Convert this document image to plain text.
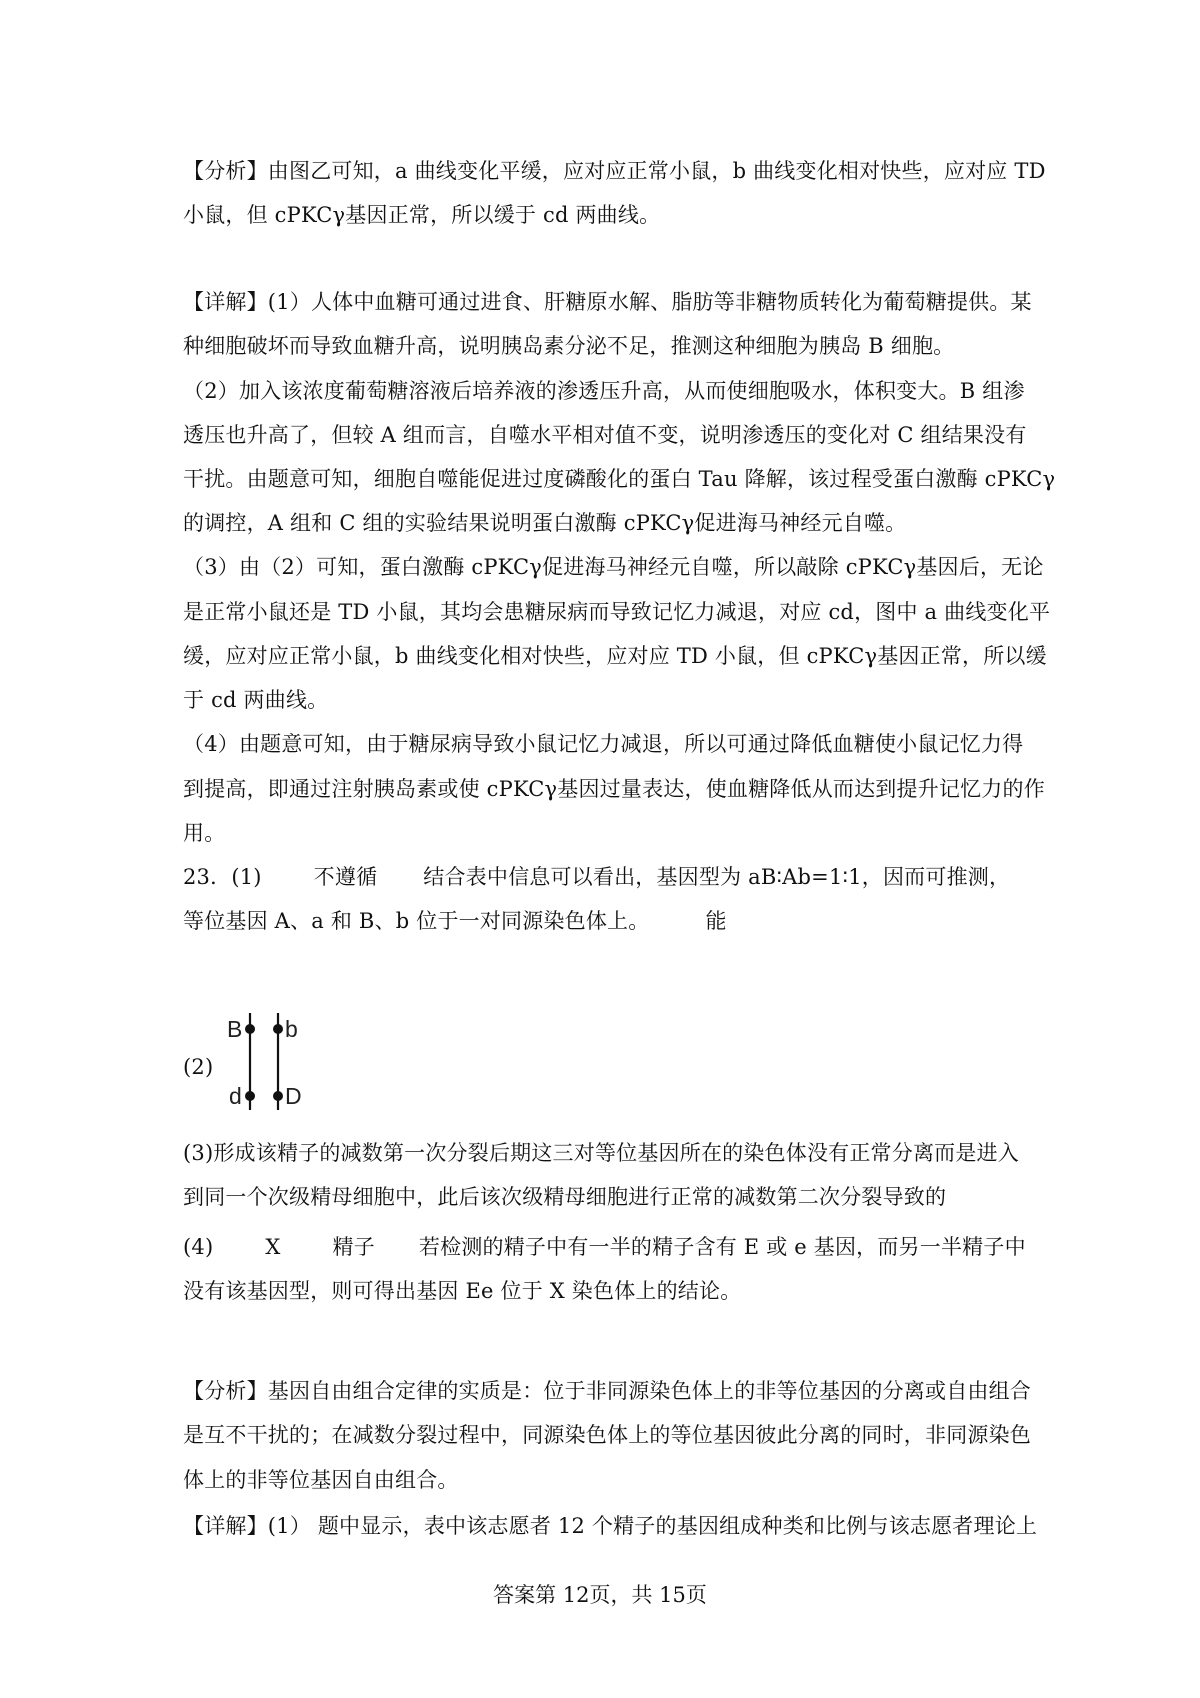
【分析】由图乙可知，a 曲线变化平缓，应对应正常小鼠，b 曲线变化相对快些，应对应 TD
小鼠，但 cPKCγ基因正常，所以缓于 cd 两曲线。
【详解】(1）人体中血糖可通过进食、肝糖原水解、脂肪等非糖物质转化为葡萄糖提供。某
种细胞破坏而导致血糖升高，说明胰岛素分泌不足，推测这种细胞为胰岛 B 细胞。
（2）加入该浓度葡萄糖溶液后培养液的渗透压升高，从而使细胞吸水，体积变大。B 组渗
透压也升高了，但较 A 组而言，自噬水平相对值不变，说明渗透压的变化对 C 组结果没有
干扰。由题意可知，细胞自噬能促进过度磷酸化的蛋白 Tau 降解，该过程受蛋白激酶 cPKCγ
的调控，A 组和 C 组的实验结果说明蛋白激酶 cPKCγ促进海马神经元自噬。
（3）由（2）可知，蛋白激酶 cPKCγ促进海马神经元自噬，所以敲除 cPKCγ基因后，无论
是正常小鼠还是 TD 小鼠，其均会患糖尿病而导致记忆力减退，对应 cd，图中 a 曲线变化平
缓，应对应正常小鼠，b 曲线变化相对快些，应对应 TD 小鼠，但 cPKCγ基因正常，所以缓
于 cd 两曲线。
（4）由题意可知，由于糖尿病导致小鼠记忆力减退，所以可通过降低血糖使小鼠记忆力得
到提高，即通过注射胰岛素或使 cPKCγ基因过量表达，使血糖降低从而达到提升记忆力的作
用。
23．(1) 不遵循 结合表中信息可以看出，基因型为 aB∶Ab=1∶1，因而可推测，
等位基因 A、a 和 B、b 位于一对同源染色体上。	能
(2)
B b
d D
(3)形成该精子的减数第一次分裂后期这三对等位基因所在的染色体没有正常分离而是进入
到同一个次级精母细胞中，此后该次级精母细胞进行正常的减数第二次分裂导致的
(4) X 精子 若检测的精子中有一半的精子含有 E 或 e 基因，而另一半精子中
没有该基因型，则可得出基因 Ee 位于 X 染色体上的结论。
【分析】基因自由组合定律的实质是：位于非同源染色体上的非等位基因的分离或自由组合
是互不干扰的；在减数分裂过程中，同源染色体上的等位基因彼此分离的同时，非同源染色
体上的非等位基因自由组合。
【详解】(1） 题中显示，表中该志愿者 12 个精子的基因组成种类和比例与该志愿者理论上
答案第 12页，共 15页
